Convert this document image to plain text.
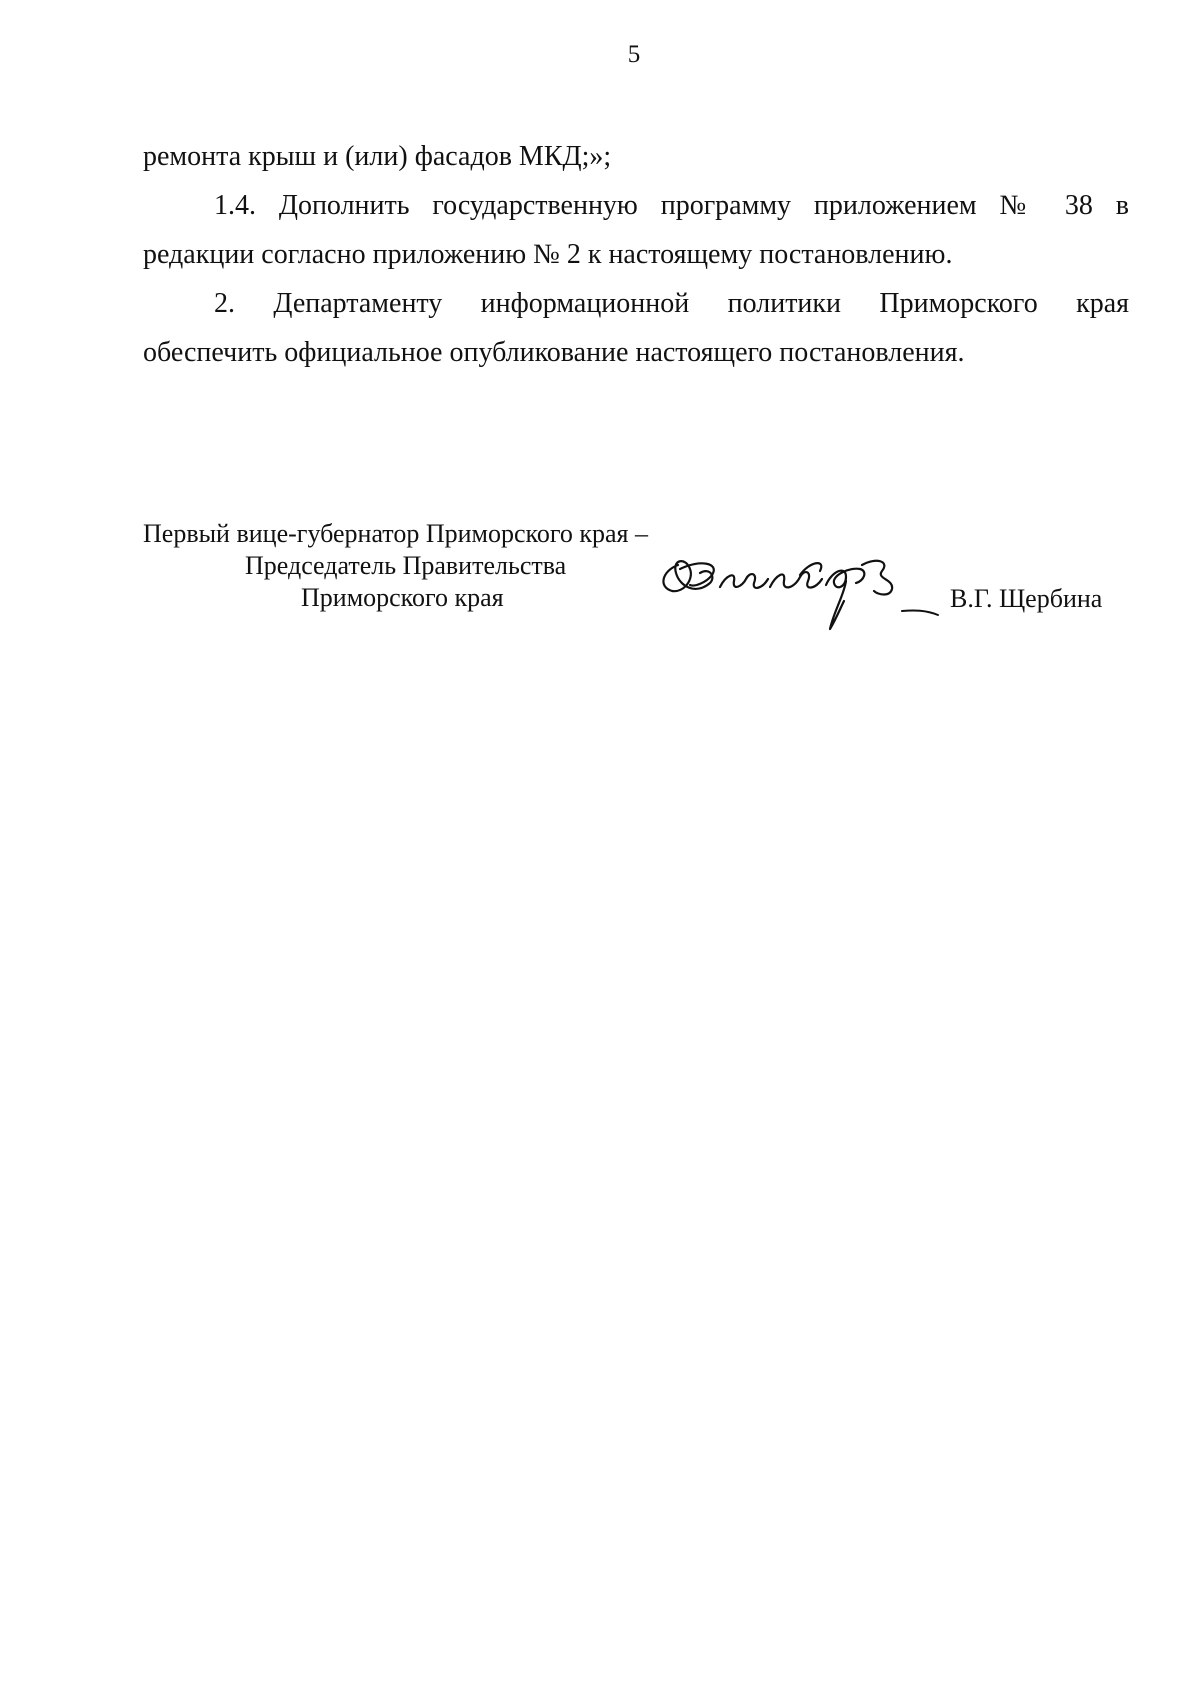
5
ремонта крыш и (или) фасадов МКД;»;
1.4. Дополнить государственную программу приложением № 38 в
редакции согласно приложению № 2 к настоящему постановлению.
2. Департаменту информационной политики Приморского края
обеспечить официальное опубликование настоящего постановления.
Первый вице-губернатор Приморского края –
Председатель Правительства
Приморского края	В.Г. Щербина
